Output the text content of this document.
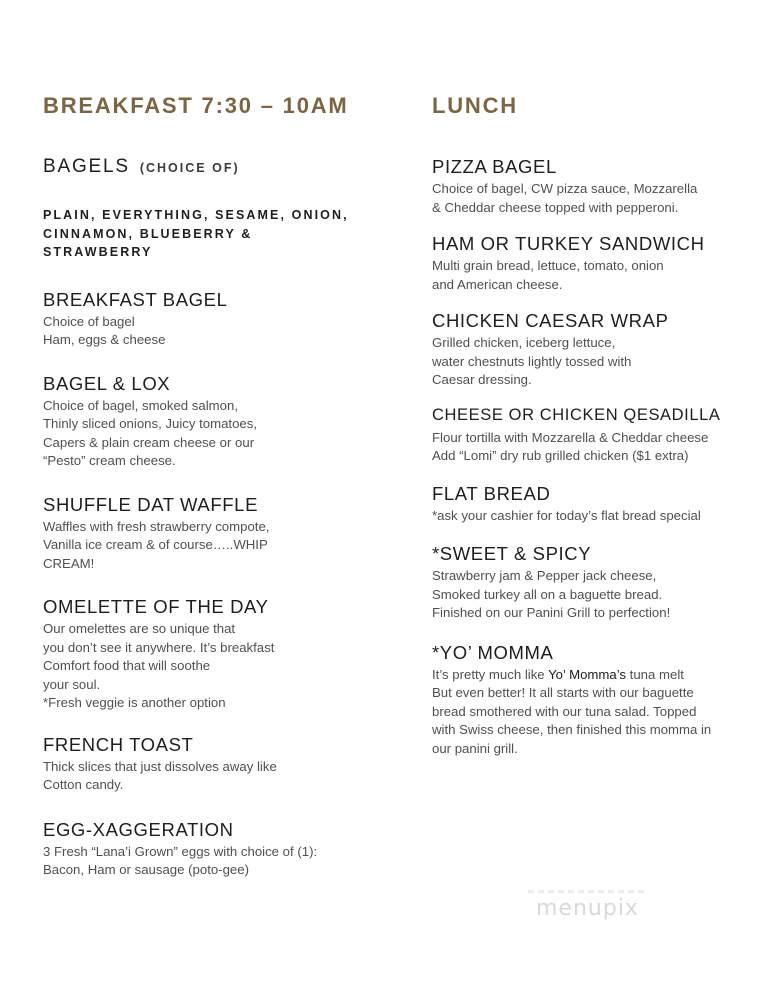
BREAKFAST 7:30 – 10AM
BAGELS (CHOICE OF)
PLAIN, EVERYTHING, SESAME, ONION,
CINNAMON, BLUEBERRY &
STRAWBERRY
BREAKFAST BAGEL
Choice of bagel
Ham, eggs & cheese
BAGEL & LOX
Choice of bagel, smoked salmon,
Thinly sliced onions, Juicy tomatoes,
Capers & plain cream cheese or our
“Pesto” cream cheese.
SHUFFLE DAT WAFFLE
Waffles with fresh strawberry compote,
Vanilla ice cream & of course…..WHIP
CREAM!
OMELETTE OF THE DAY
Our omelettes are so unique that
you don’t see it anywhere. It’s breakfast
Comfort food that will soothe
your soul.
*Fresh veggie is another option
FRENCH TOAST
Thick slices that just dissolves away like
Cotton candy.
EGG-XAGGERATION
3 Fresh “Lana’i Grown” eggs with choice of (1):
Bacon, Ham or sausage (poto-gee)
LUNCH
PIZZA BAGEL
Choice of bagel, CW pizza sauce, Mozzarella
& Cheddar cheese topped with pepperoni.
HAM OR TURKEY SANDWICH
Multi grain bread, lettuce, tomato, onion
and American cheese.
CHICKEN CAESAR WRAP
Grilled chicken, iceberg lettuce,
water chestnuts lightly tossed with
Caesar dressing.
CHEESE OR CHICKEN QESADILLA
Flour tortilla with Mozzarella & Cheddar cheese
Add “Lomi” dry rub grilled chicken ($1 extra)
FLAT BREAD
*ask your cashier for today’s flat bread special
*SWEET & SPICY
Strawberry jam & Pepper jack cheese,
Smoked turkey all on a baguette bread.
Finished on our Panini Grill to perfection!
*YO’ MOMMA
It’s pretty much like Yo’ Momma’s tuna melt
But even better! It all starts with our baguette
bread smothered with our tuna salad. Topped
with Swiss cheese, then finished this momma in
our panini grill.
menupix
